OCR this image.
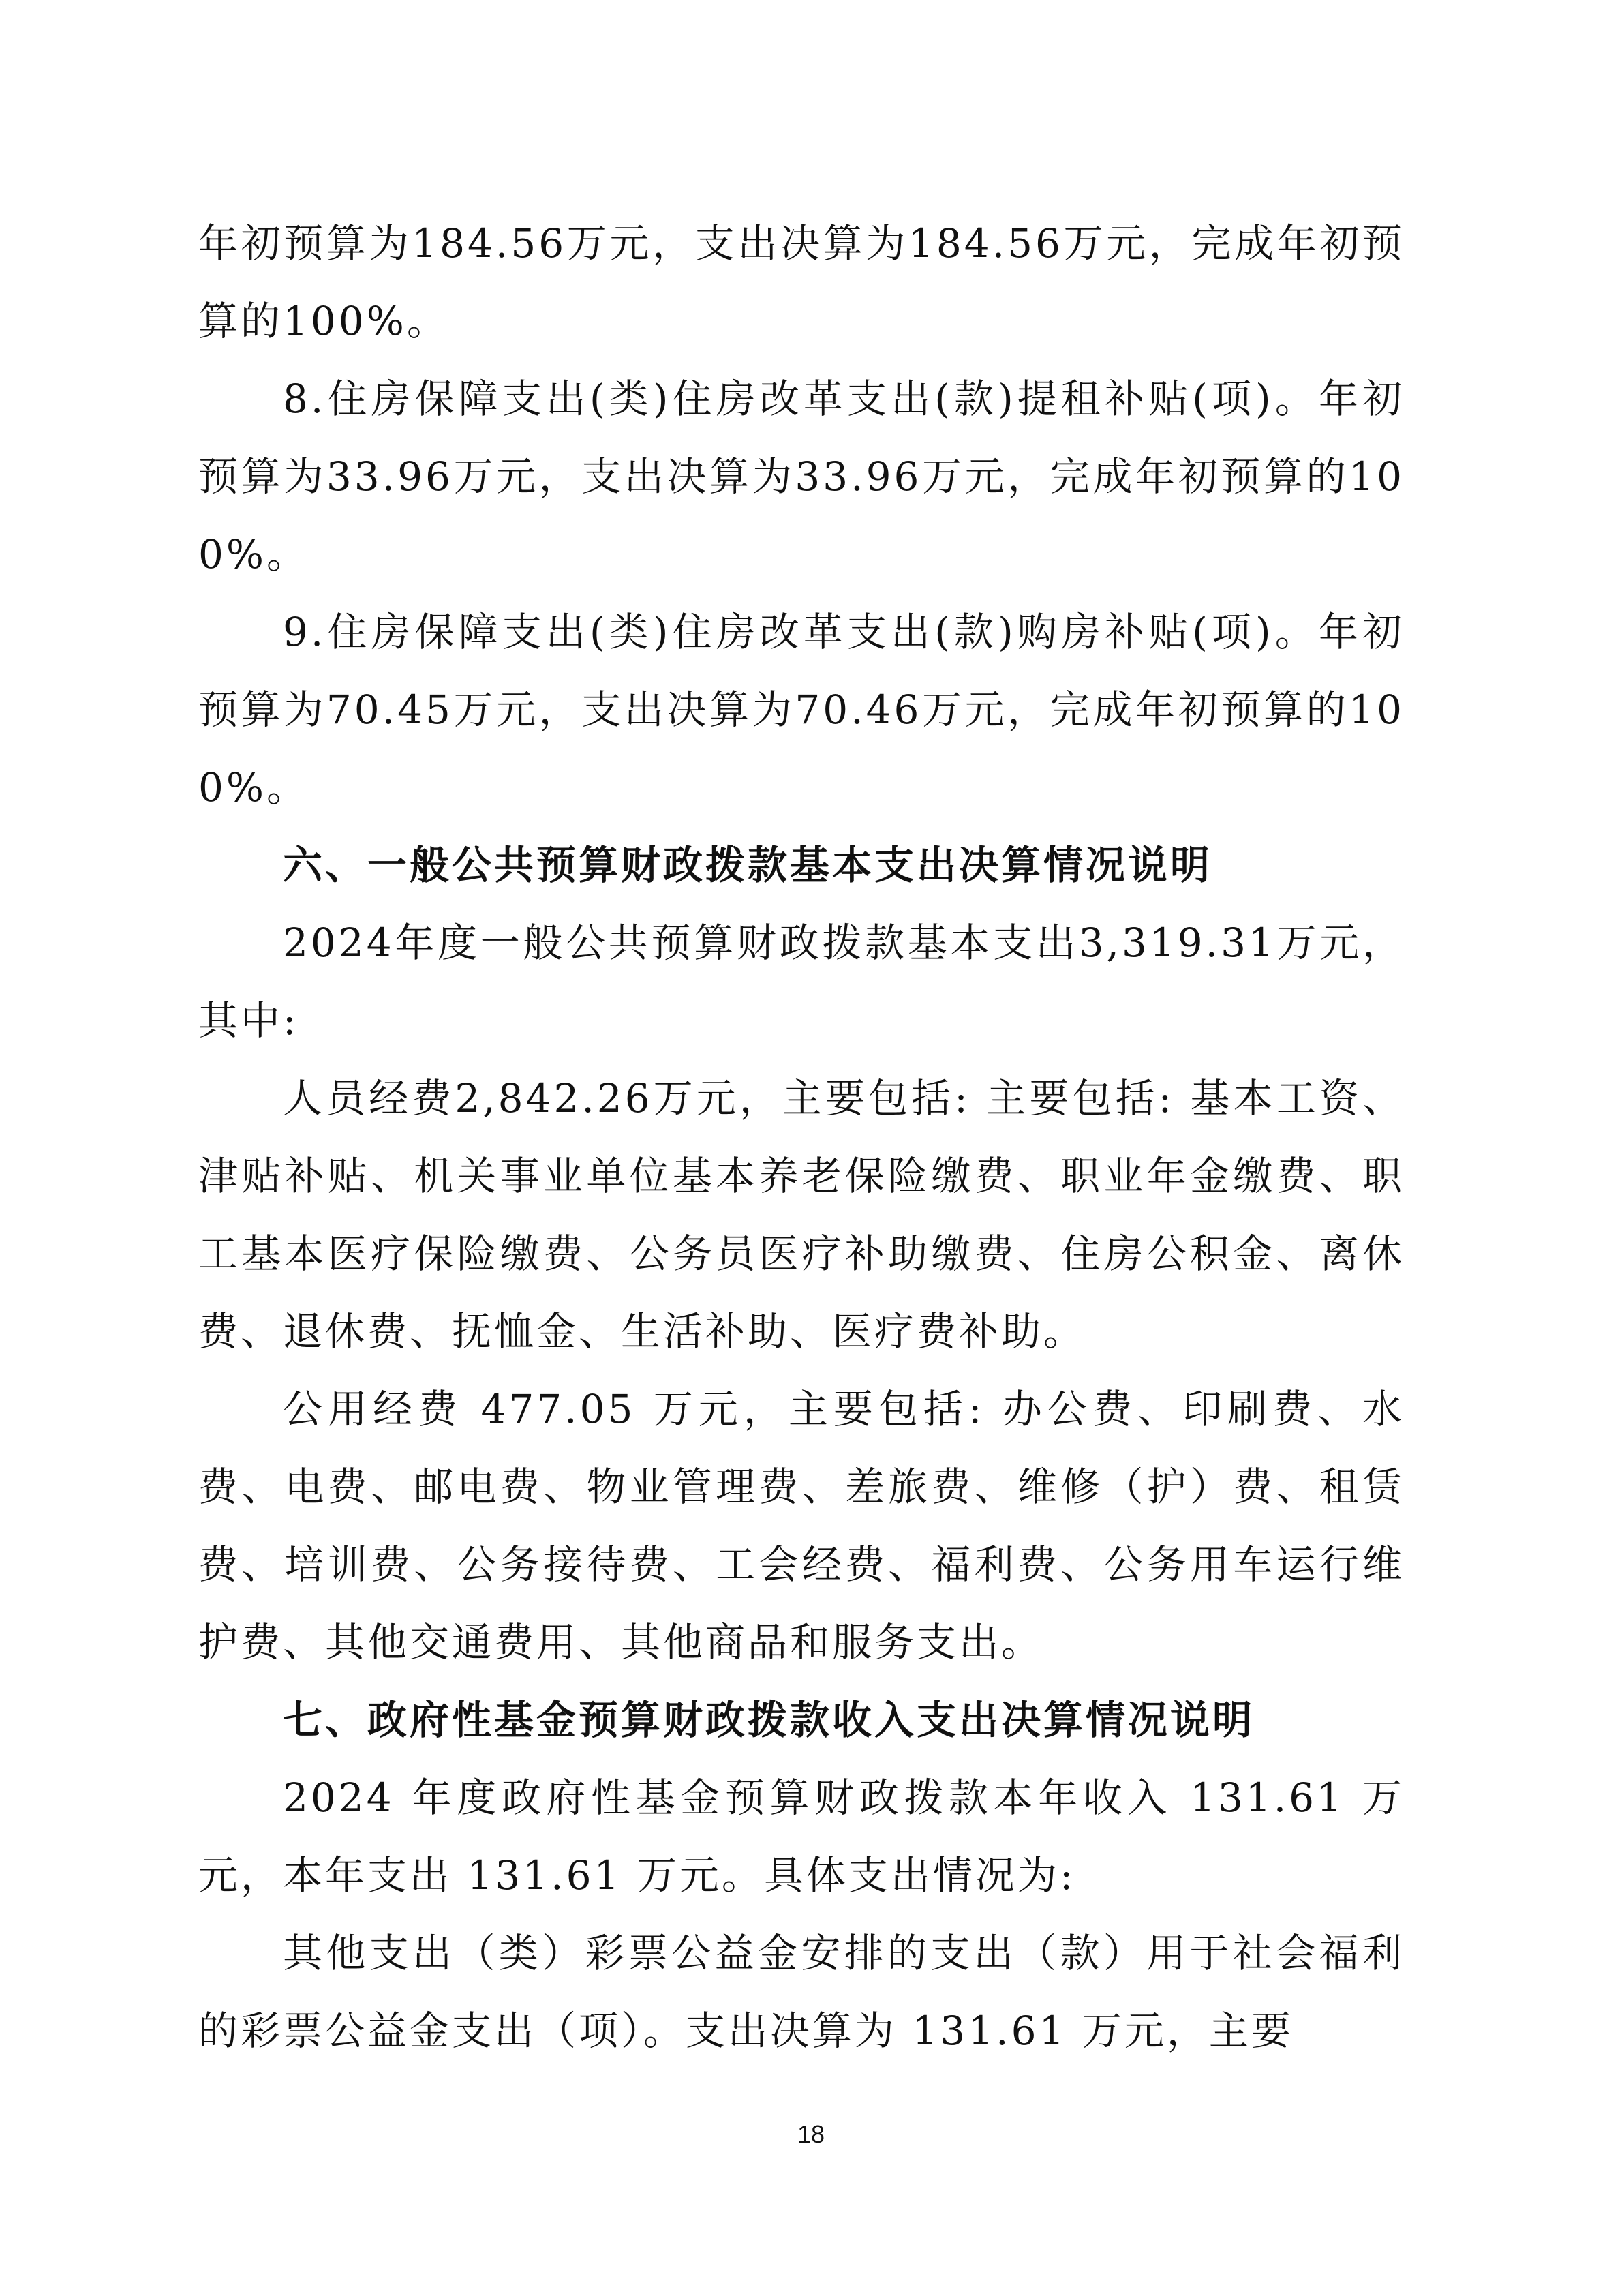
年初预算为184.56万元，支出决算为184.56万元，完成年初预算的100%。

8.住房保障支出(类)住房改革支出(款)提租补贴(项)。年初预算为33.96万元，支出决算为33.96万元，完成年初预算的100%。

9.住房保障支出(类)住房改革支出(款)购房补贴(项)。年初预算为70.45万元，支出决算为70.46万元，完成年初预算的100%。

六、一般公共预算财政拨款基本支出决算情况说明

2024年度一般公共预算财政拨款基本支出3,319.31万元，其中:

人员经费2,842.26万元，主要包括: 主要包括: 基本工资、津贴补贴、机关事业单位基本养老保险缴费、职业年金缴费、职工基本医疗保险缴费、公务员医疗补助缴费、住房公积金、离休费、退休费、抚恤金、生活补助、医疗费补助。

公用经费 477.05 万元，主要包括: 办公费、印刷费、水费、电费、邮电费、物业管理费、差旅费、维修（护）费、租赁费、培训费、公务接待费、工会经费、福利费、公务用车运行维护费、其他交通费用、其他商品和服务支出。

七、政府性基金预算财政拨款收入支出决算情况说明

2024 年度政府性基金预算财政拨款本年收入 131.61 万元，本年支出 131.61 万元。具体支出情况为:

其他支出（类）彩票公益金安排的支出（款）用于社会福利的彩票公益金支出（项）。支出决算为 131.61 万元，主要

18
